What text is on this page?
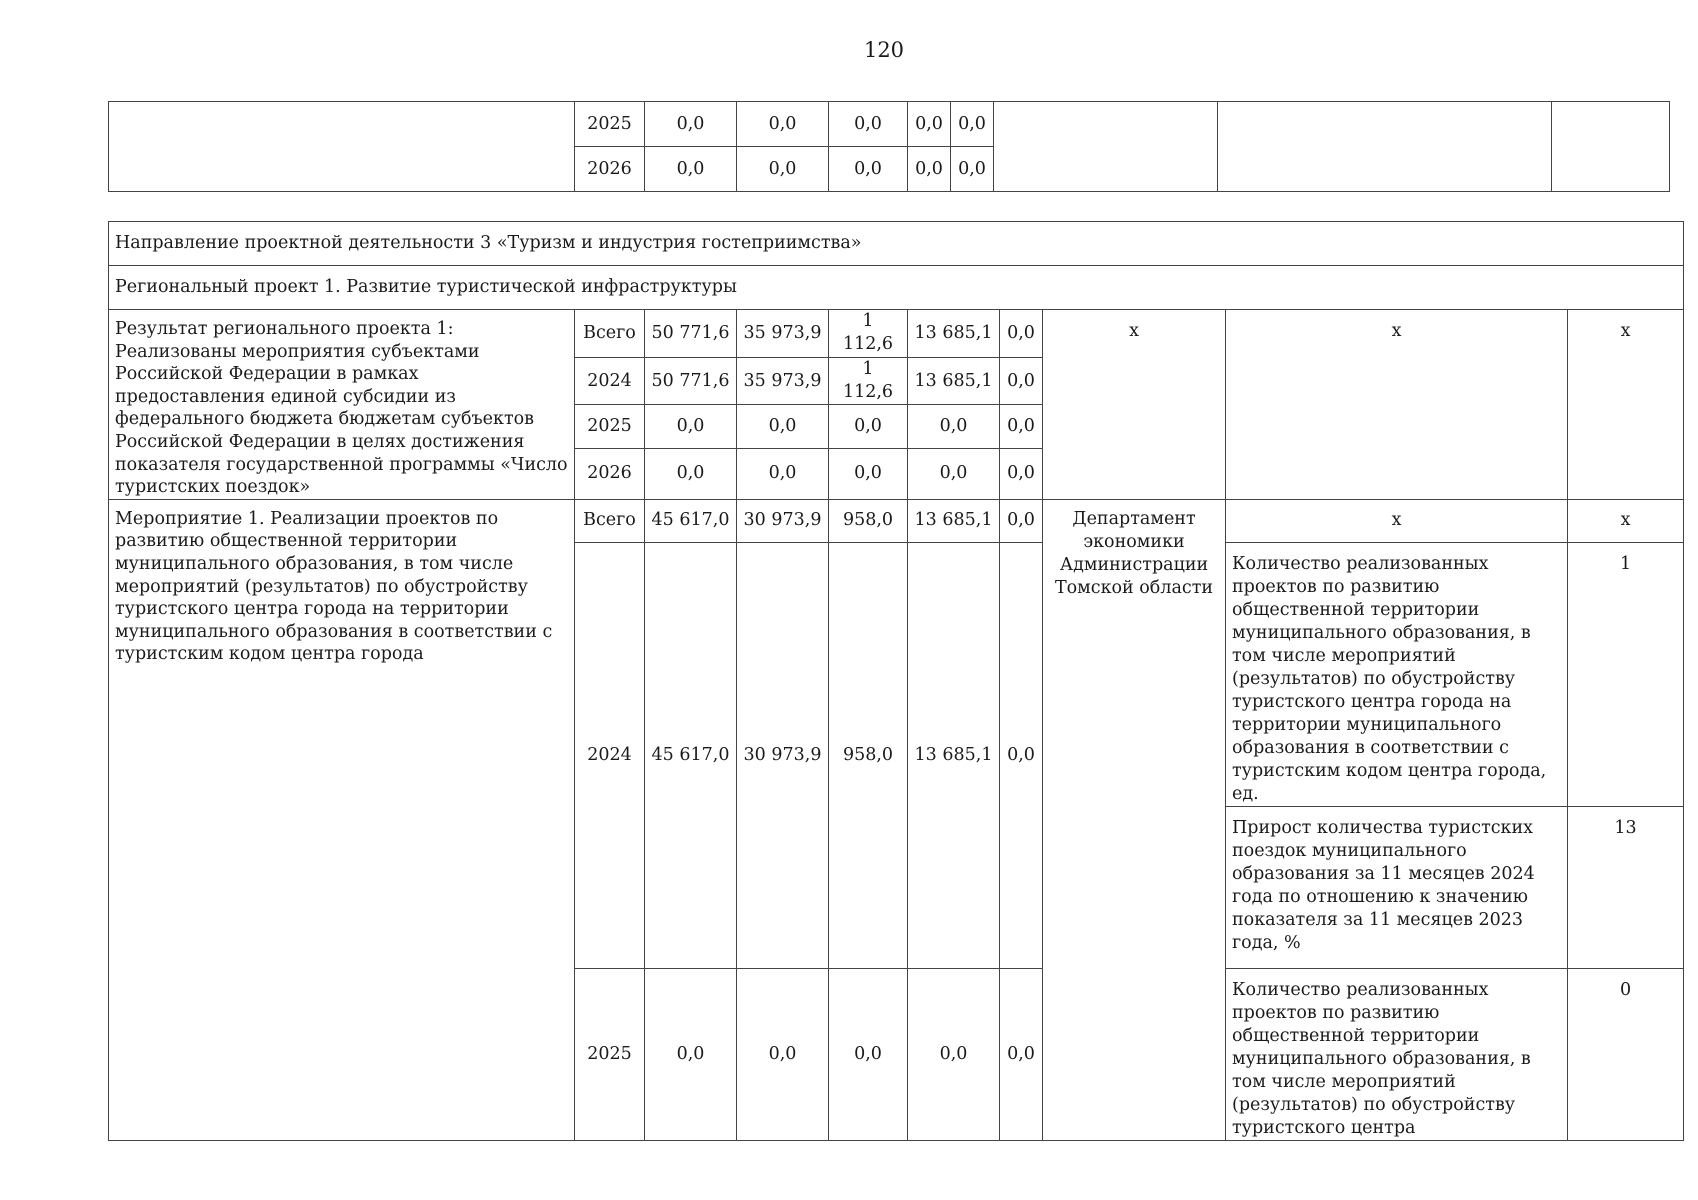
120
	2025	0,0	0,0	0,0	0,0	0,0			
	2026	0,0	0,0	0,0	0,0	0,0			
Направление проектной деятельности 3 «Туризм и индустрия гостеприимства»									
Региональный проект 1. Развитие туристической инфраструктуры									
Результат регионального проекта 1: Реализованы мероприятия субъектами Российской Федерации в рамках предоставления единой субсидии из федерального бюджета бюджетам субъектов Российской Федерации в целях достижения показателя государственной программы «Число туристских поездок»	Всего	50 771,6	35 973,9	1 112,6	13 685,1	0,0	х	х	х
	2024	50 771,6	35 973,9	1 112,6	13 685,1	0,0			
	2025	0,0	0,0	0,0	0,0	0,0			
	2026	0,0	0,0	0,0	0,0	0,0			
Мероприятие 1. Реализации проектов по развитию общественной территории муниципального образования, в том числе мероприятий (результатов) по обустройству туристского центра города на территории муниципального образования в соответствии с туристским кодом центра города	Всего	45 617,0	30 973,9	958,0	13 685,1	0,0	Департамент экономики Администрации Томской области	х	х
	2024	45 617,0	30 973,9	958,0	13 685,1	0,0		Количество реализованных проектов по развитию общественной территории муниципального образования, в том числе мероприятий (результатов) по обустройству туристского центра города на территории муниципального образования в соответствии с туристским кодом центра города, ед.	1
								Прирост количества туристских поездок муниципального образования за 11 месяцев 2024 года по отношению к значению показателя за 11 месяцев 2023 года, %	13
	2025	0,0	0,0	0,0	0,0	0,0		Количество реализованных проектов по развитию общественной территории муниципального образования, в том числе мероприятий (результатов) по обустройству туристского центра	0
